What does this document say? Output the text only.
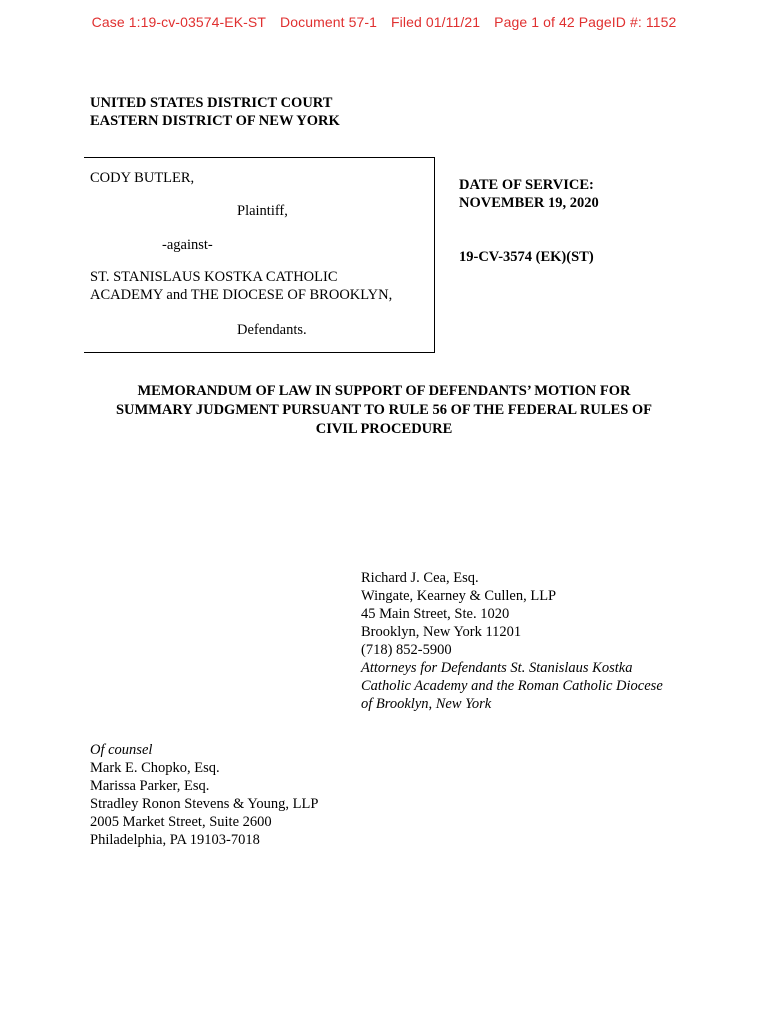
Case 1:19-cv-03574-EK-ST Document 57-1 Filed 01/11/21 Page 1 of 42 PageID #: 1152
UNITED STATES DISTRICT COURT
EASTERN DISTRICT OF NEW YORK
CODY BUTLER,
Plaintiff,
-against-
ST. STANISLAUS KOSTKA CATHOLIC
ACADEMY and THE DIOCESE OF BROOKLYN,
Defendants.
DATE OF SERVICE:
NOVEMBER 19, 2020
19-CV-3574 (EK)(ST)
MEMORANDUM OF LAW IN SUPPORT OF DEFENDANTS’ MOTION FOR
SUMMARY JUDGMENT PURSUANT TO RULE 56 OF THE FEDERAL RULES OF
CIVIL PROCEDURE
Richard J. Cea, Esq.
Wingate, Kearney & Cullen, LLP
45 Main Street, Ste. 1020
Brooklyn, New York 11201
(718) 852-5900
Attorneys for Defendants St. Stanislaus Kostka
Catholic Academy and the Roman Catholic Diocese
of Brooklyn, New York
Of counsel
Mark E. Chopko, Esq.
Marissa Parker, Esq.
Stradley Ronon Stevens & Young, LLP
2005 Market Street, Suite 2600
Philadelphia, PA 19103-7018
